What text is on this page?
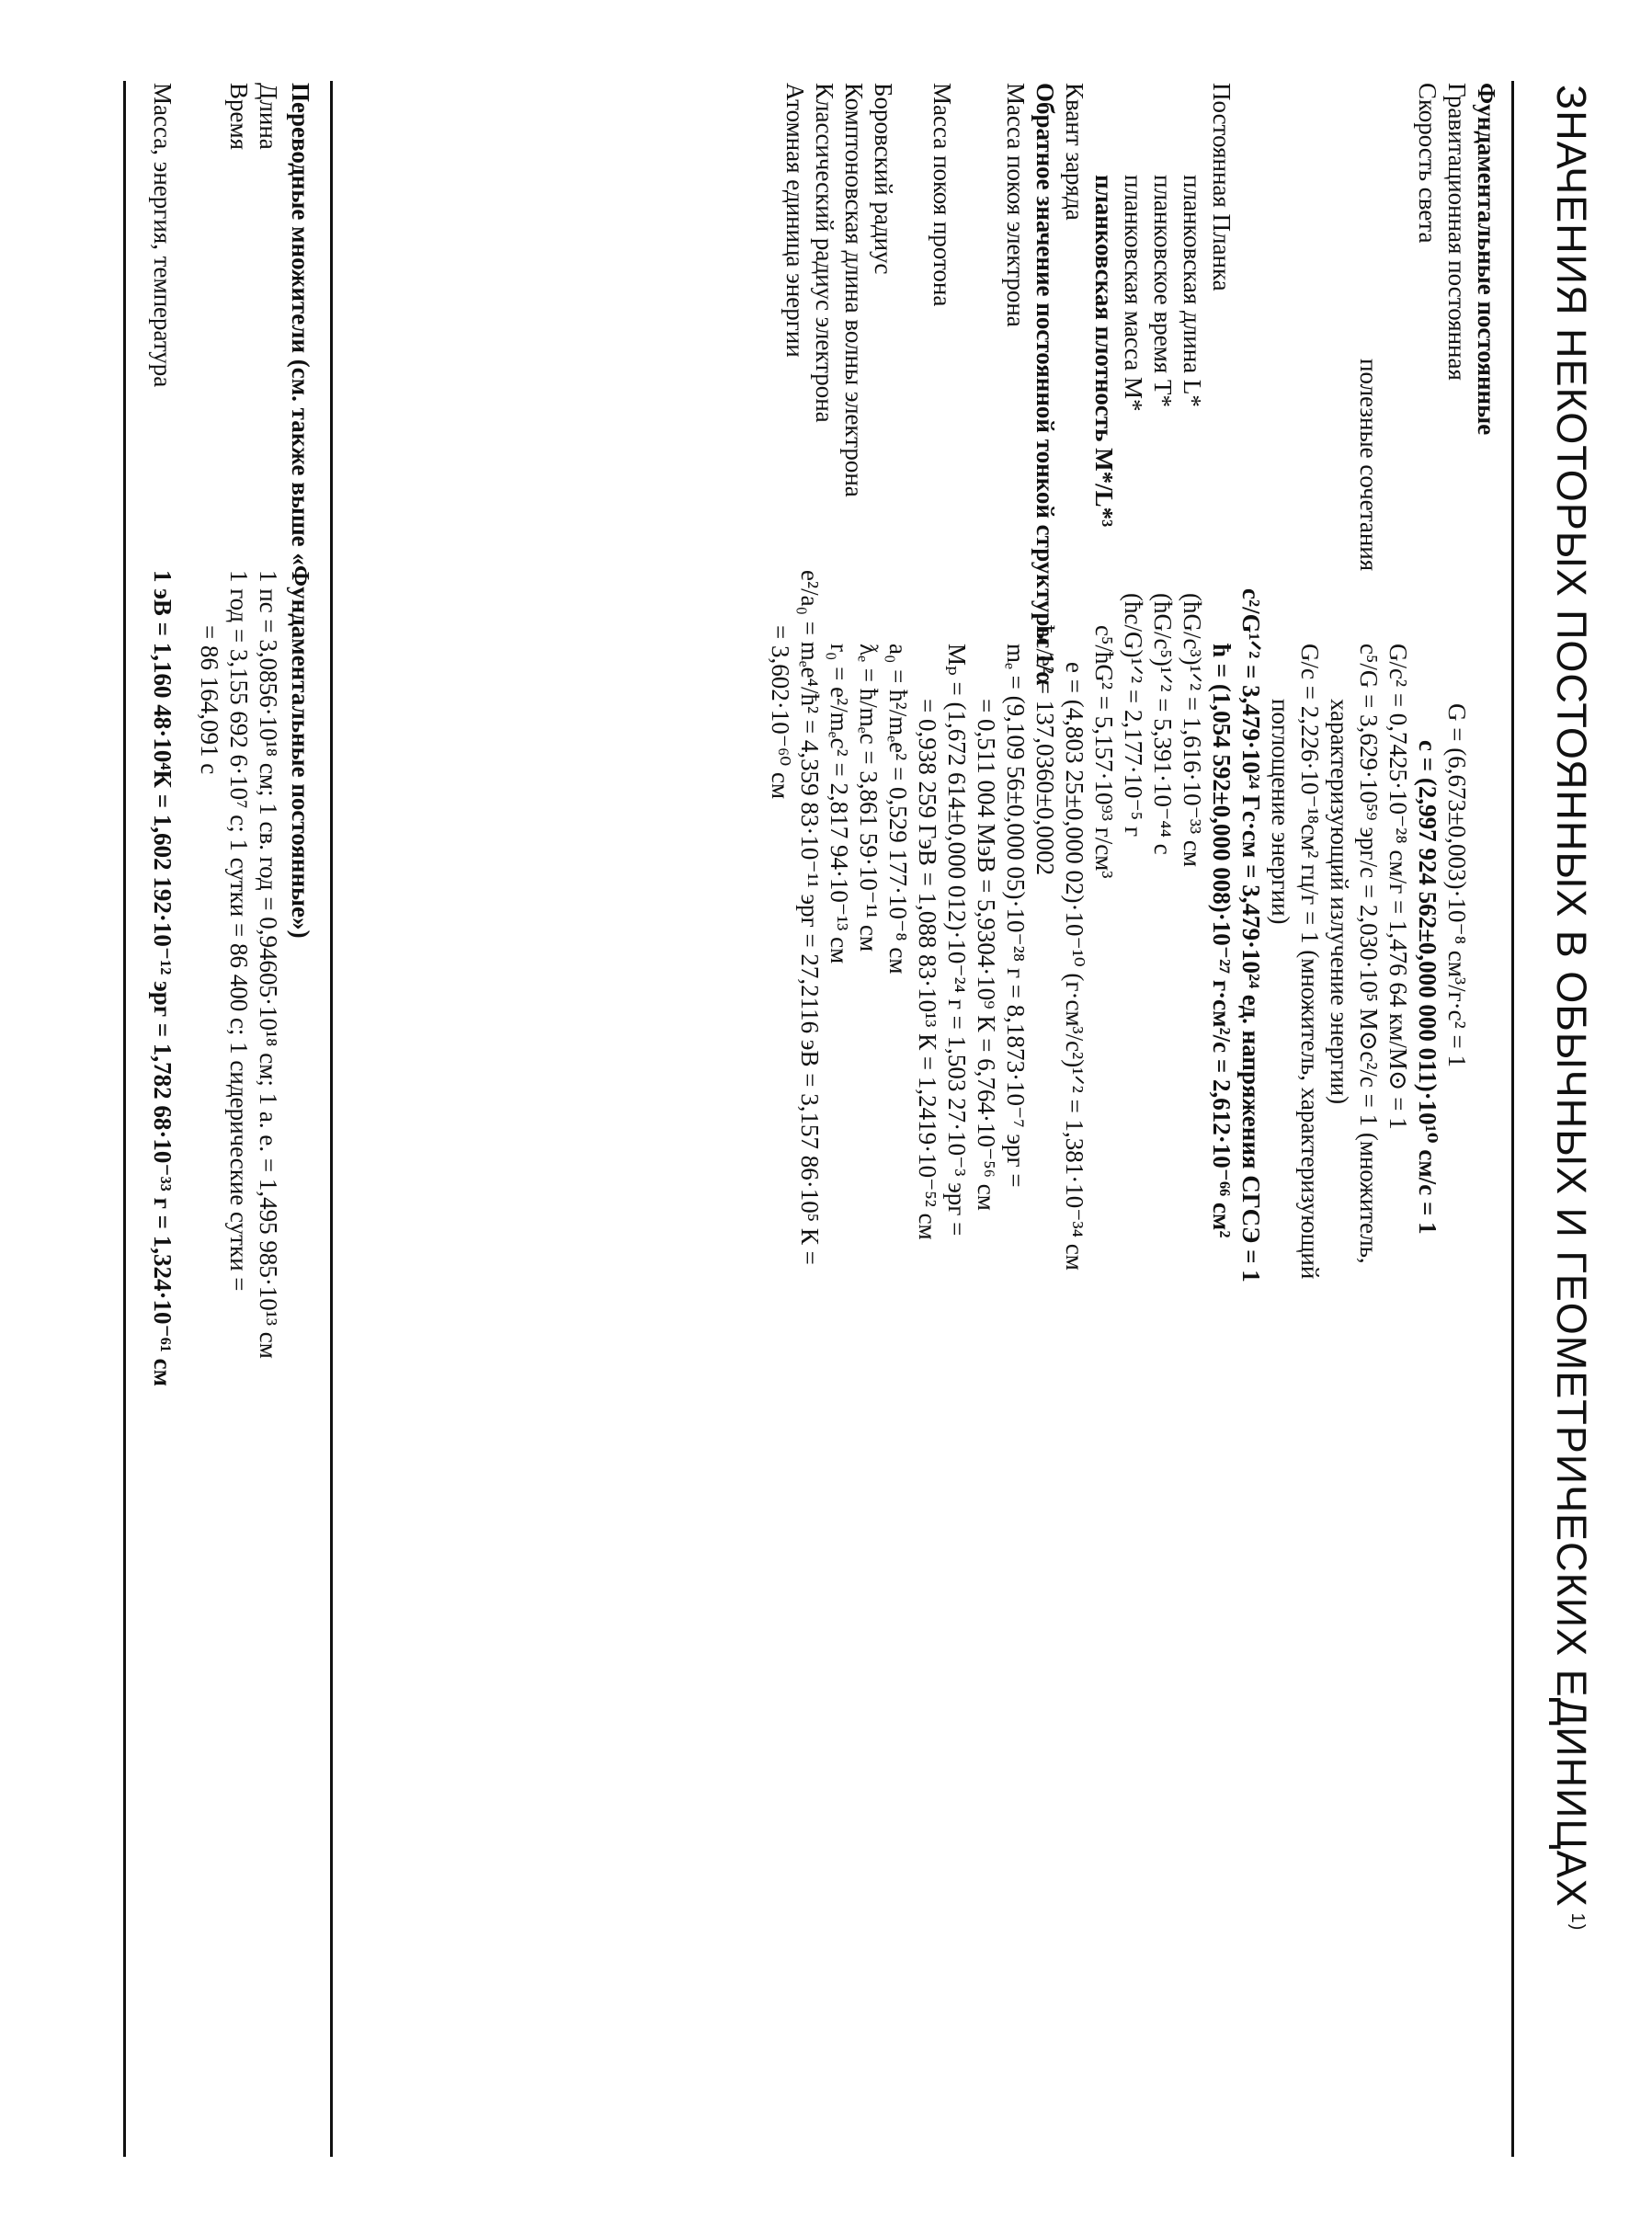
ЗНАЧЕНИЯ НЕКОТОРЫХ ПОСТОЯННЫХ В ОБЫЧНЫХ И ГЕОМЕТРИЧЕСКИХ ЕДИНИЦАХ$^{1)}$
Фундаментальные постоянные
Гравитационная постоянная
G = (6,673±0,003)·10⁻⁸ см³/г·с² = 1
Скорость света
c = (2,997 924 562±0,000 000 011)·10¹⁰ см/с = 1
G/c² = 0,7425·10⁻²⁸ см/г = 1,476 64 км/M⊙ = 1
полезные сочетания
c⁵/G = 3,629·10⁵⁹ эрг/с = 2,030·10⁵ M⊙c²/с = 1 (множитель,
характеризующий излучение энергии)
G/c = 2,226·10⁻¹⁸см² гц/г = 1 (множитель, характеризующий
поглощение энергии)
c²/G¹ᐟ² = 3,479·10²⁴ Гс·см = 3,479·10²⁴ ед. напряжения СГСЭ = 1
Постоянная Планка
ħ = (1,054 592±0,000 008)·10⁻²⁷ г·см²/с = 2,612·10⁻⁶⁶ см²
планковская длина L*
(ħG/c³)¹ᐟ² = 1,616·10⁻³³ см
планковское время T*
(ħG/c⁵)¹ᐟ² = 5,391·10⁻⁴⁴ с
планковская масса M*
(ħc/G)¹ᐟ² = 2,177·10⁻⁵ г
планковская плотность M*/L*³
c⁵/ħG² = 5,157·10⁹³ г/см³
Квант заряда
e = (4,803 25±0,000 02)·10⁻¹⁰ (г·см³/с²)¹ᐟ² = 1,381·10⁻³⁴ см
Обратное значение постоянной тонкой структуры 1/α
ħc/e² = 137,0360±0,0002
Масса покоя электрона
mₑ = (9,109 56±0,000 05)·10⁻²⁸ г = 8,1873·10⁻⁷ эрг =
= 0,511 004 МэВ = 5,9304·10⁹ К = 6,764·10⁻⁵⁶ см
Масса покоя протона
Mₚ = (1,672 614±0,000 012)·10⁻²⁴ г = 1,503 27·10⁻³ эрг =
= 0,938 259 ГэВ = 1,088 83·10¹³ К = 1,2419·10⁻⁵² см
Боровский радиус
a₀ = ħ²/mₑe² = 0,529 177·10⁻⁸ см
Комптоновская длина волны электрона
ƛₑ = ħ/mₑc = 3,861 59·10⁻¹¹ см
Классический радиус электрона
r₀ = e²/mₑc² = 2,817 94·10⁻¹³ см
Атомная единица энергии
e²/a₀ = mₑe⁴/ħ² = 4,359 83·10⁻¹¹ эрг = 27,2116 эВ = 3,157 86·10⁵ К =
= 3,602·10⁻⁶⁰ см
Переводные множители (см. также выше «Фундаментальные постоянные»)
Длина
1 пс = 3,0856·10¹⁸ см; 1 св. год = 0,94605·10¹⁸ см; 1 а. е. = 1,495 985·10¹³ см
Время
1 год = 3,155 692 6·10⁷ с; 1 сутки = 86 400 с; 1 сидерические сутки =
= 86 164,091 с
Масса, энергия, температура
1 эВ = 1,160 48·10⁴К = 1,602 192·10⁻¹² эрг = 1,782 68·10⁻³³ г = 1,324·10⁻⁶¹ см
